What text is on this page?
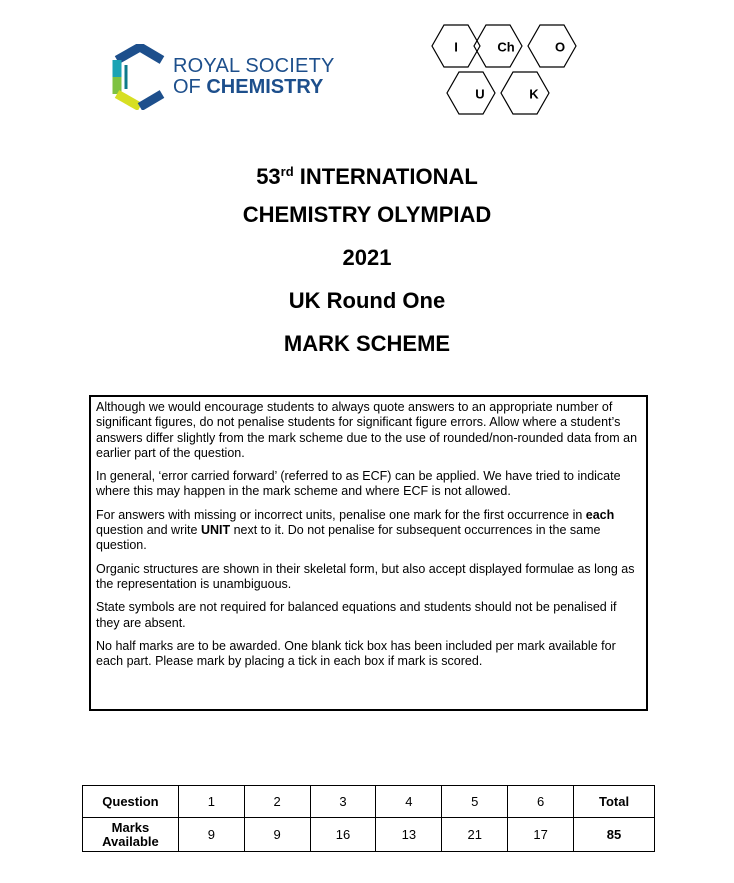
ROYAL SOCIETY
OF CHEMISTRY
I	Ch	O
U	K
53rd INTERNATIONAL
CHEMISTRY OLYMPIAD
2021
UK Round One
MARK SCHEME

Although we would encourage students to always quote answers to an appropriate number of significant figures, do not penalise students for significant figure errors. Allow where a student’s answers differ slightly from the mark scheme due to the use of rounded/non-rounded data from an earlier part of the question.

In general, ‘error carried forward’ (referred to as ECF) can be applied. We have tried to indicate where this may happen in the mark scheme and where ECF is not allowed.

For answers with missing or incorrect units, penalise one mark for the first occurrence in each question and write UNIT next to it. Do not penalise for subsequent occurrences in the same question.

Organic structures are shown in their skeletal form, but also accept displayed formulae as long as the representation is unambiguous.

State symbols are not required for balanced equations and students should not be penalised if they are absent.

No half marks are to be awarded. One blank tick box has been included per mark available for each part. Please mark by placing a tick in each box if mark is scored.

Question	1	2	3	4	5	6	Total

Marks
Available	9	9	16	13	21	17	85
